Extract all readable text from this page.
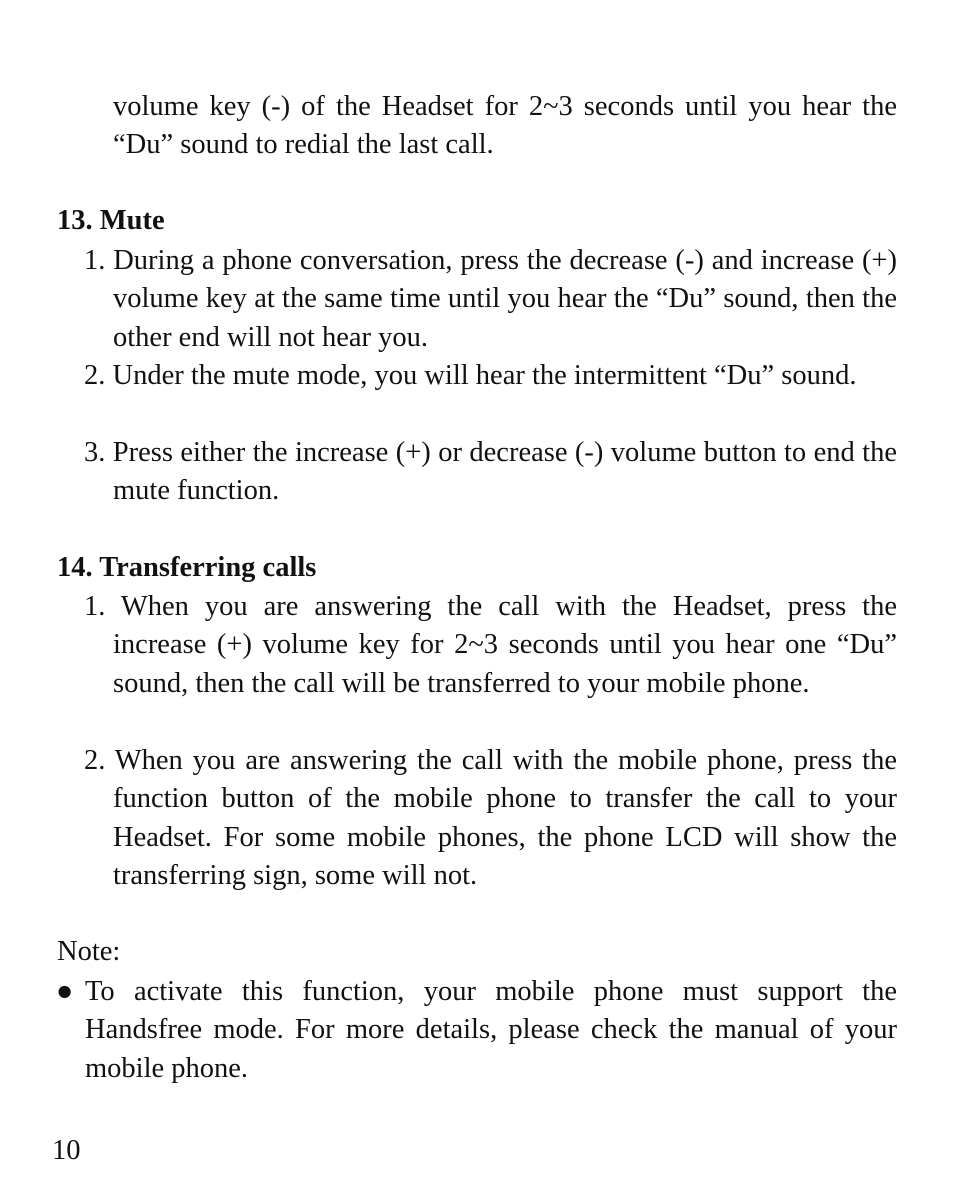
volume key (-) of the Headset for 2~3 seconds until you hear the “Du” sound to redial the last call.
13. Mute
1. During a phone conversation, press the decrease (-) and increase (+) volume key at the same time until you hear the “Du” sound, then the other end will not hear you.
2. Under the mute mode, you will hear the intermittent “Du” sound.
3. Press either the increase (+) or decrease (-) volume button to end the mute function.
14. Transferring calls
1. When you are answering the call with the Headset, press the increase (+) volume key for 2~3 seconds until you hear one “Du” sound, then the call will be transferred to your mobile phone.
2. When you are answering the call with the mobile phone, press the function button of the mobile phone to transfer the call to your Headset. For some mobile phones, the phone LCD will show the transferring sign, some will not.
Note:
● To activate this function, your mobile phone must support the Handsfree mode. For more details, please check the manual of your mobile phone.
10
